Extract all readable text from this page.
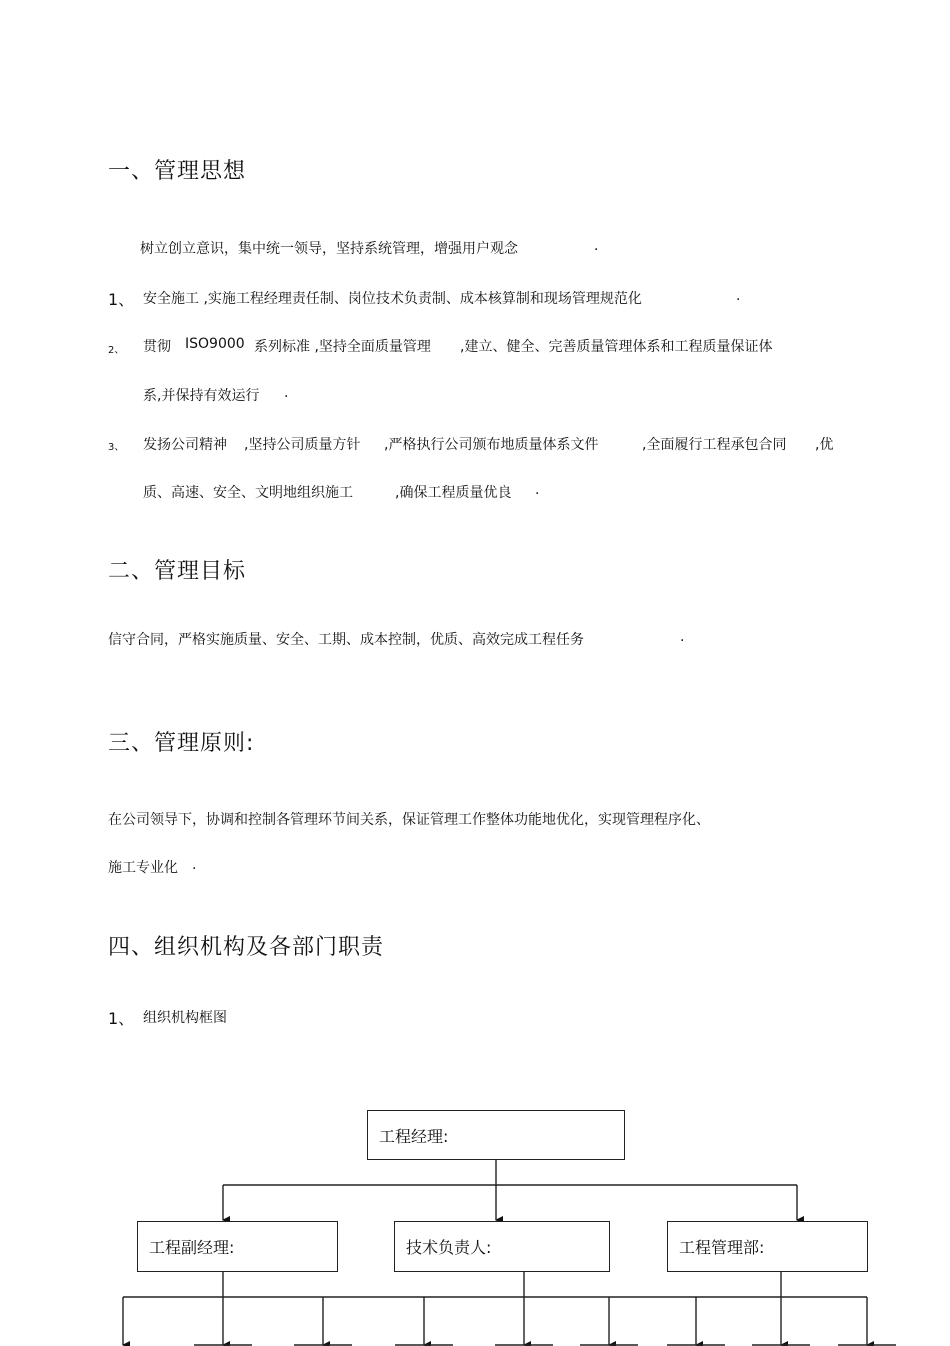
一、管理思想
树立创立意识，集中统一领导，坚持系统管理，增强用户观念	.
1、 安全施工 ,实施工程经理责任制、岗位技术负责制、成本核算制和现场管理规范化	.
2、 贯彻 ISO9000 系列标准 ,坚持全面质量管理 ,建立、健全、完善质量管理体系和工程质量保证体
系,并保持有效运行 .
3、 发扬公司精神 ,坚持公司质量方针 ,严格执行公司颁布地质量体系文件	,全面履行工程承包合同 ,优
质、高速、安全、文明地组织施工	,确保工程质量优良 .
二、管理目标
信守合同，严格实施质量、安全、工期、成本控制，优质、高效完成工程任务	.
三、管理原则:
在公司领导下，协调和控制各管理环节间关系，保证管理工作整体功能地优化，实现管理程序化、
施工专业化 .
四、组织机构及各部门职责
1、 组织机构框图
工程经理:
工程副经理:	技术负责人:	工程管理部:
